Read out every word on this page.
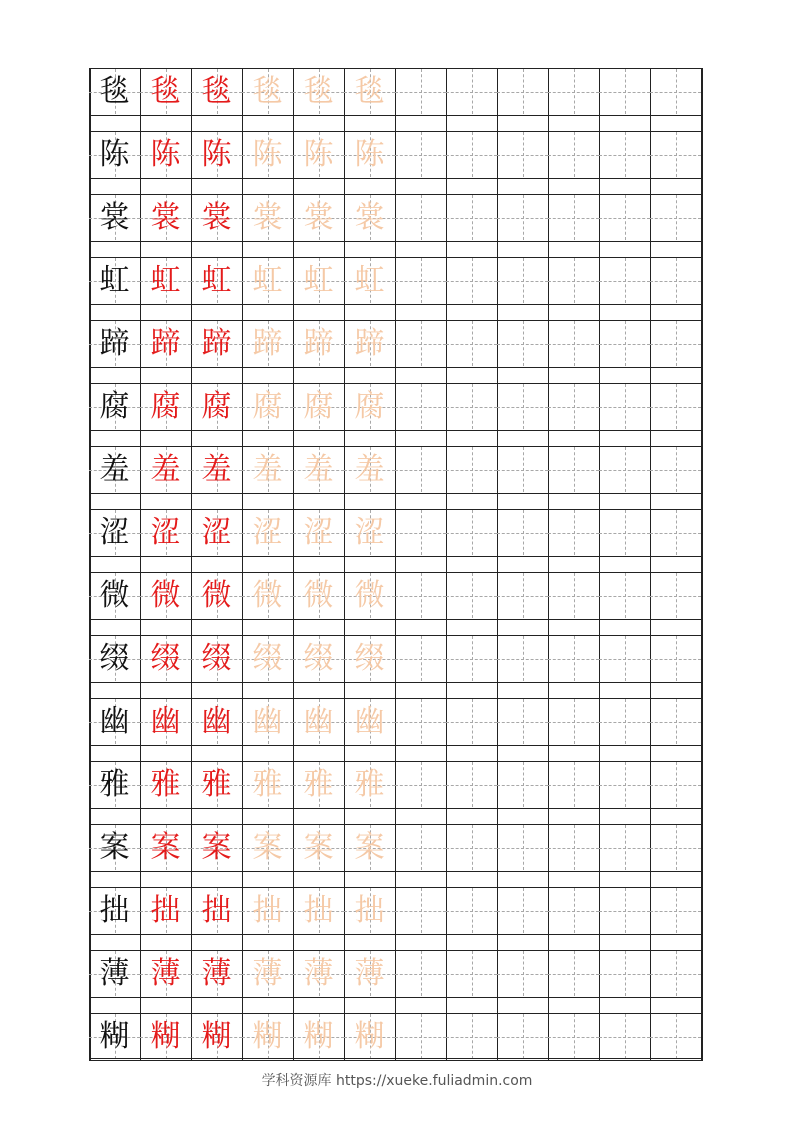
毯 毯 毯 毯 毯 毯
陈 陈 陈 陈 陈 陈
裳 裳 裳 裳 裳 裳
虹 虹 虹 虹 虹 虹
蹄 蹄 蹄 蹄 蹄 蹄
腐 腐 腐 腐 腐 腐
羞 羞 羞 羞 羞 羞
涩 涩 涩 涩 涩 涩
微 微 微 微 微 微
缀 缀 缀 缀 缀 缀
幽 幽 幽 幽 幽 幽
雅 雅 雅 雅 雅 雅
案 案 案 案 案 案
拙 拙 拙 拙 拙 拙
薄 薄 薄 薄 薄 薄
糊 糊 糊 糊 糊 糊
学科资源库 https://xueke.fuliadmin.com
